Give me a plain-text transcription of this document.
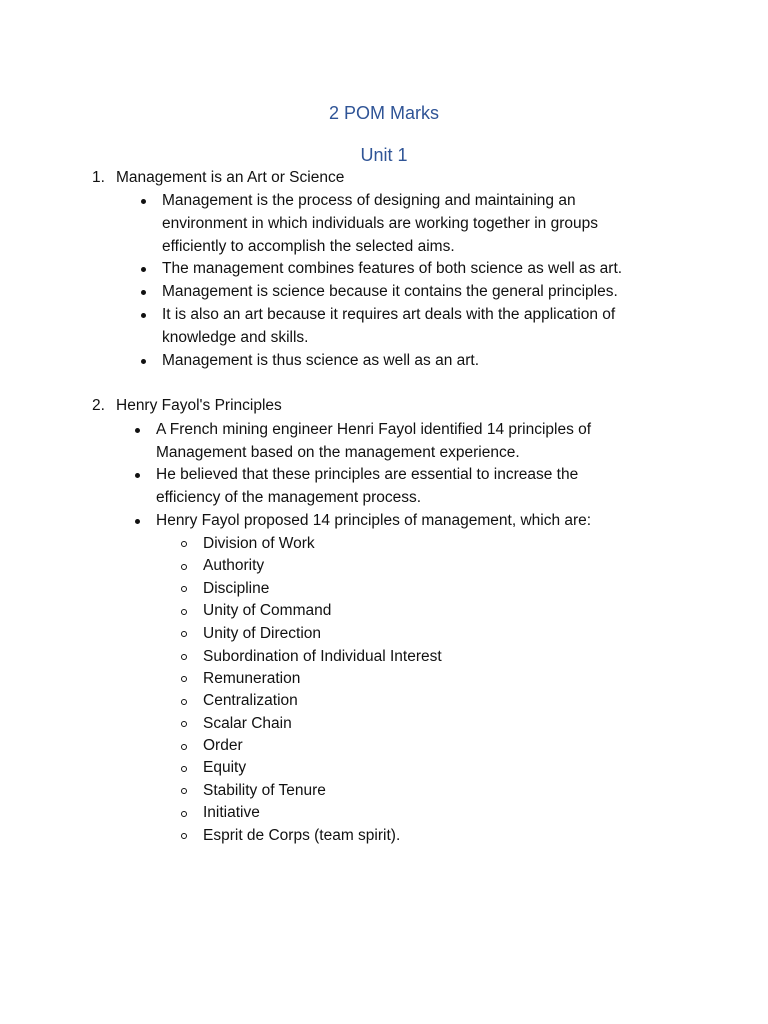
2 POM Marks
Unit 1
1. Management is an Art or Science
Management is the process of designing and maintaining an
environment in which individuals are working together in groups
efficiently to accomplish the selected aims.
The management combines features of both science as well as art.
Management is science because it contains the general principles.
It is also an art because it requires art deals with the application of
knowledge and skills.
Management is thus science as well as an art.
2. Henry Fayol's Principles
A French mining engineer Henri Fayol identified 14 principles of
Management based on the management experience.
He believed that these principles are essential to increase the
efficiency of the management process.
Henry Fayol proposed 14 principles of management, which are:
Division of Work
Authority
Discipline
Unity of Command
Unity of Direction
Subordination of Individual Interest
Remuneration
Centralization
Scalar Chain
Order
Equity
Stability of Tenure
Initiative
Esprit de Corps (team spirit).
